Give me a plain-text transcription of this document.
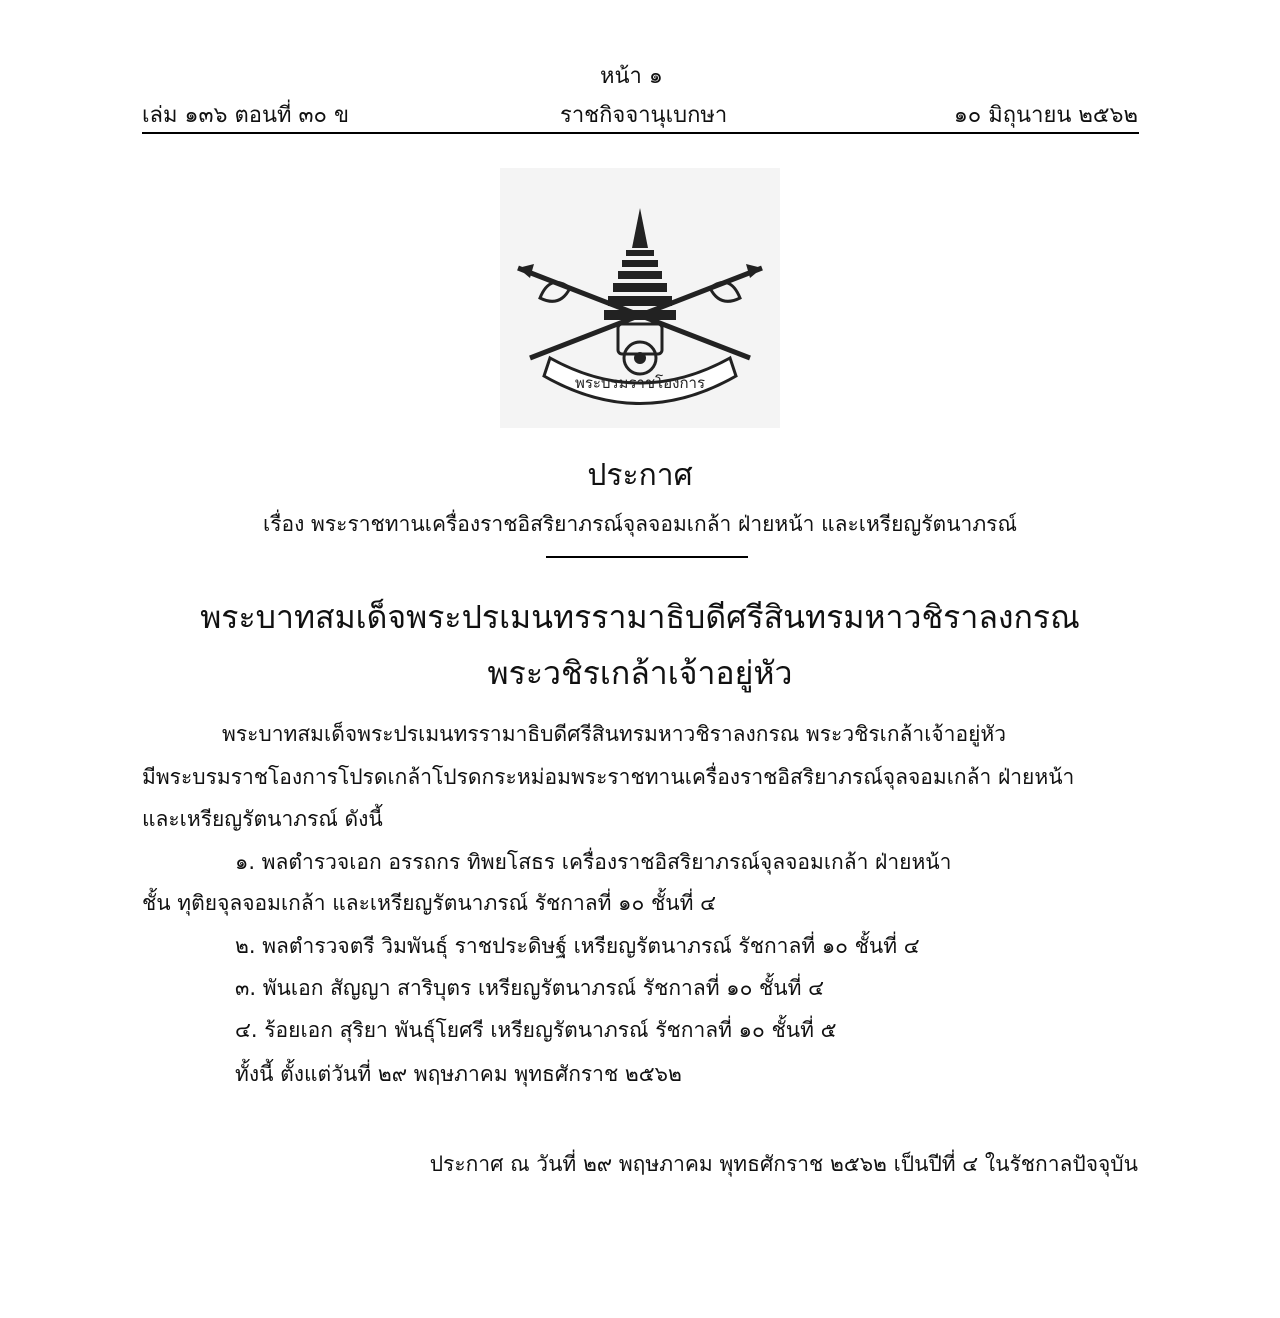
หน้า ๑
เล่ม ๑๓๖ ตอนที่ ๓๐ ข	ราชกิจจานุเบกษา	๑๐ มิถุนายน ๒๕๖๒
พระบรมราชโองการ
ประกาศ
เรื่อง พระราชทานเครื่องราชอิสริยาภรณ์จุลจอมเกล้า ฝ่ายหน้า และเหรียญรัตนาภรณ์
พระบาทสมเด็จพระปรเมนทรรามาธิบดีศรีสินทรมหาวชิราลงกรณ
พระวชิรเกล้าเจ้าอยู่หัว
พระบาทสมเด็จพระปรเมนทรรามาธิบดีศรีสินทรมหาวชิราลงกรณ พระวชิรเกล้าเจ้าอยู่หัว
มีพระบรมราชโองการโปรดเกล้าโปรดกระหม่อมพระราชทานเครื่องราชอิสริยาภรณ์จุลจอมเกล้า ฝ่ายหน้า
และเหรียญรัตนาภรณ์ ดังนี้
๑. พลตำรวจเอก อรรถกร ทิพยโสธร เครื่องราชอิสริยาภรณ์จุลจอมเกล้า ฝ่ายหน้า
ชั้น ทุติยจุลจอมเกล้า และเหรียญรัตนาภรณ์ รัชกาลที่ ๑๐ ชั้นที่ ๔
๒. พลตำรวจตรี วิมพันธุ์ ราชประดิษฐ์ เหรียญรัตนาภรณ์ รัชกาลที่ ๑๐ ชั้นที่ ๔
๓. พันเอก สัญญา สาริบุตร เหรียญรัตนาภรณ์ รัชกาลที่ ๑๐ ชั้นที่ ๔
๔. ร้อยเอก สุริยา พันธุ์โยศรี เหรียญรัตนาภรณ์ รัชกาลที่ ๑๐ ชั้นที่ ๕
ทั้งนี้ ตั้งแต่วันที่ ๒๙ พฤษภาคม พุทธศักราช ๒๕๖๒
ประกาศ ณ วันที่ ๒๙ พฤษภาคม พุทธศักราช ๒๕๖๒ เป็นปีที่ ๔ ในรัชกาลปัจจุบัน
